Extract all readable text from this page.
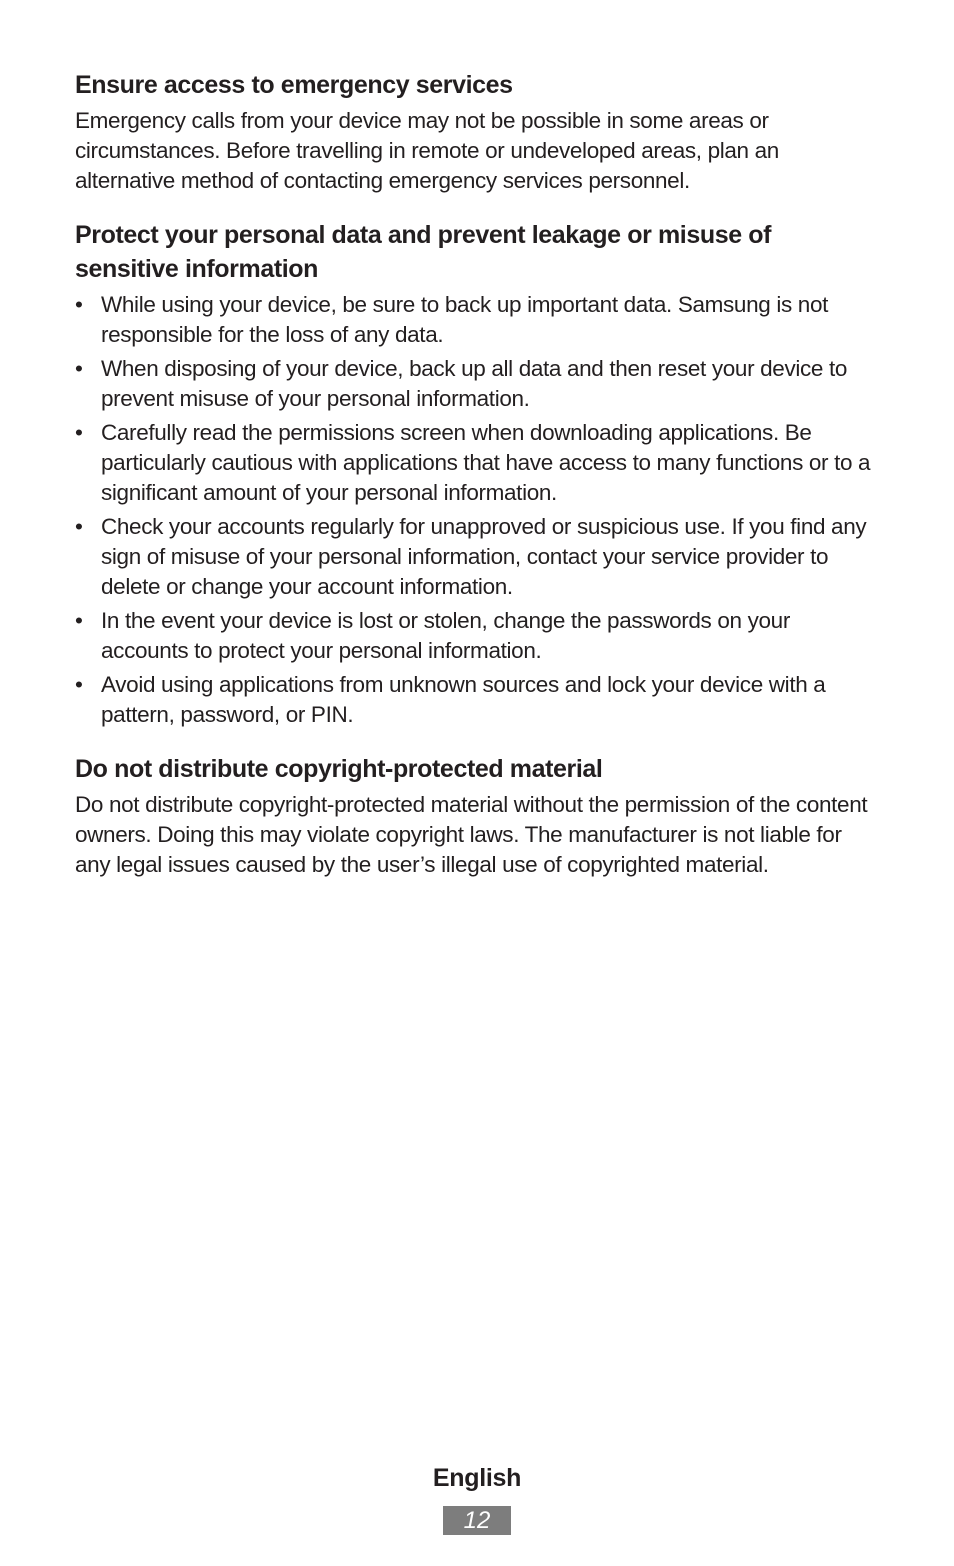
Ensure access to emergency services

Emergency calls from your device may not be possible in some areas or circumstances. Before travelling in remote or undeveloped areas, plan an alternative method of contacting emergency services personnel.

Protect your personal data and prevent leakage or misuse of sensitive information
• While using your device, be sure to back up important data. Samsung is not responsible for the loss of any data.
• When disposing of your device, back up all data and then reset your device to prevent misuse of your personal information.
• Carefully read the permissions screen when downloading applications. Be particularly cautious with applications that have access to many functions or to a significant amount of your personal information.
• Check your accounts regularly for unapproved or suspicious use. If you find any sign of misuse of your personal information, contact your service provider to delete or change your account information.
• In the event your device is lost or stolen, change the passwords on your accounts to protect your personal information.
• Avoid using applications from unknown sources and lock your device with a pattern, password, or PIN.
Do not distribute copyright-protected material

Do not distribute copyright-protected material without the permission of the content owners. Doing this may violate copyright laws. The manufacturer is not liable for any legal issues caused by the user’s illegal use of copyrighted material.

English
12
